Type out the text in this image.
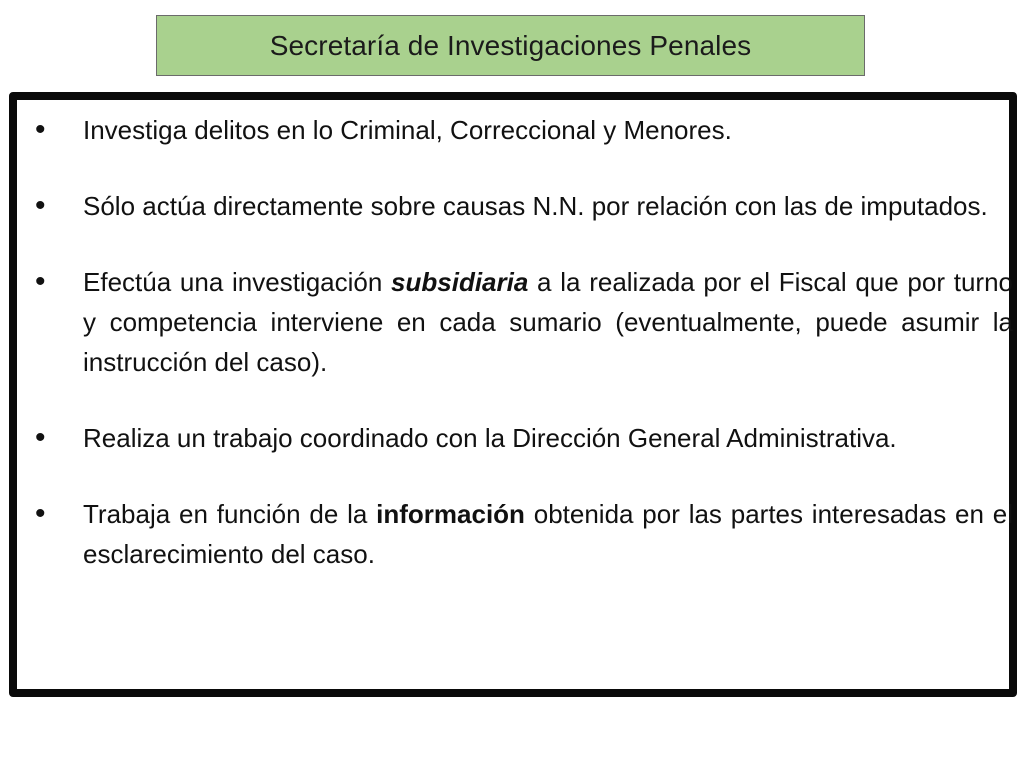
Secretaría de Investigaciones Penales
•	Investiga delitos en lo Criminal, Correccional y Menores.
•	Sólo actúa directamente sobre causas N.N. por relación con las de imputados.
•	Efectúa una investigación subsidiaria a la realizada por el Fiscal que por turno y competencia interviene en cada sumario (eventualmente, puede asumir la instrucción del caso).
•	Realiza un trabajo coordinado con la Dirección General Administrativa.
•	Trabaja en función de la información obtenida por las partes interesadas en el esclarecimiento del caso.
